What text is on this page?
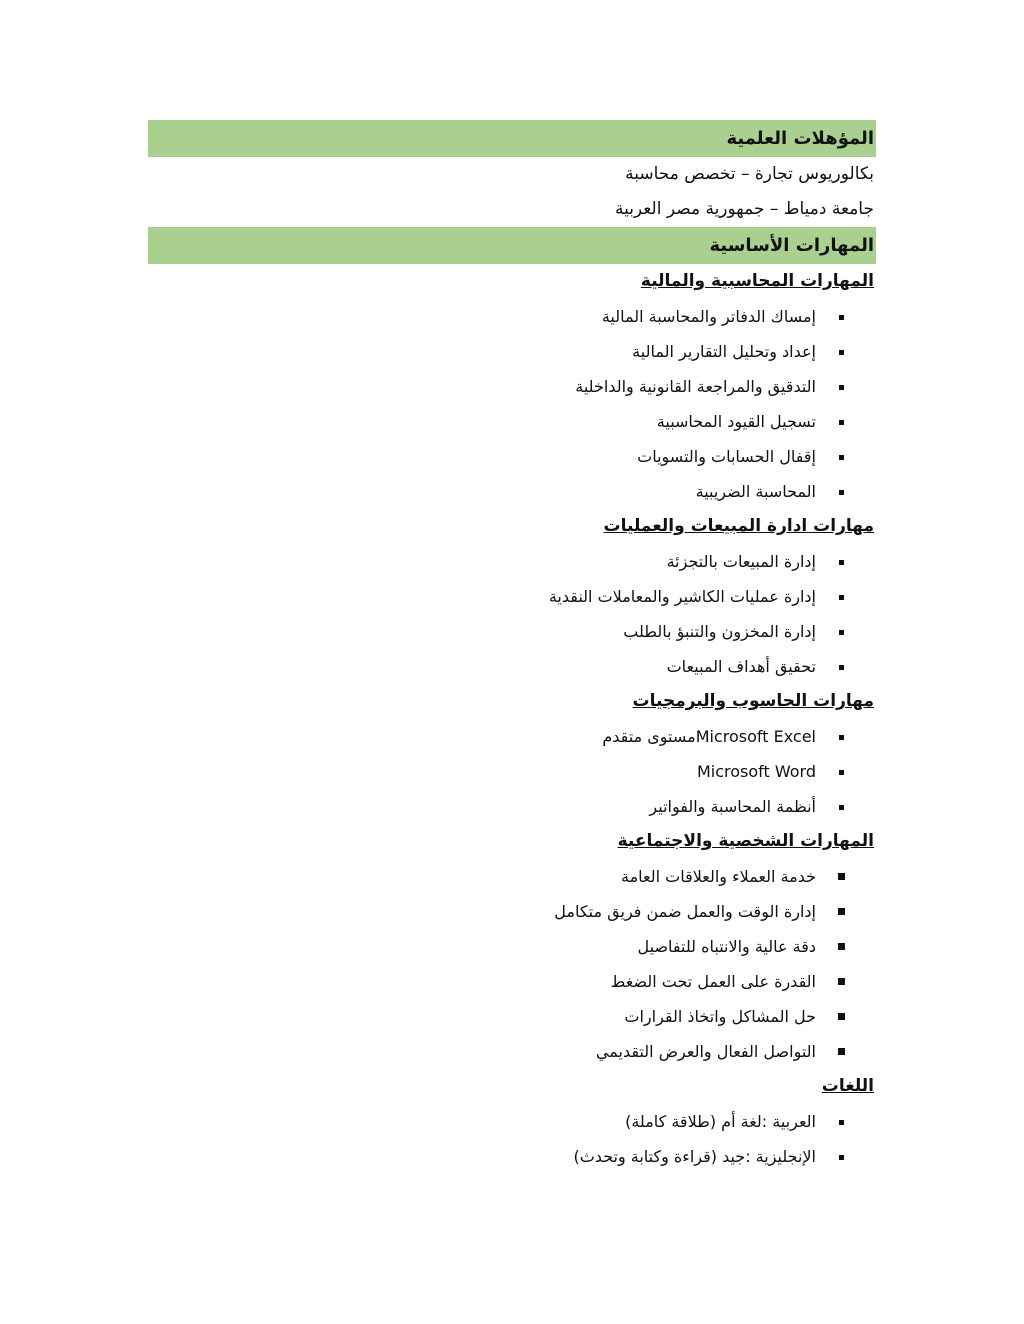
المؤهلات العلمية
بكالوريوس تجارة – تخصص محاسبة
جامعة دمياط – جمهورية مصر العربية
المهارات الأساسية
المهارات المحاسبية والمالية
إمساك الدفاتر والمحاسبة المالية
إعداد وتحليل التقارير المالية
التدقيق والمراجعة القانونية والداخلية
تسجيل القيود المحاسبية
إقفال الحسابات والتسويات
المحاسبة الضريبية
مهارات ادارة المبيعات والعمليات
إدارة المبيعات بالتجزئة
إدارة عمليات الكاشير والمعاملات النقدية
إدارة المخزون والتنبؤ بالطلب
تحقيق أهداف المبيعات
مهارات الحاسوب والبرمجيات
Microsoft Excelمستوى متقدم
Microsoft Word
أنظمة المحاسبة والفواتير
المهارات الشخصية والاجتماعية
خدمة العملاء والعلاقات العامة
إدارة الوقت والعمل ضمن فريق متكامل
دقة عالية والانتباه للتفاصيل
القدرة على العمل تحت الضغط
حل المشاكل واتخاذ القرارات
التواصل الفعال والعرض التقديمي
اللغات
العربية :لغة أم (طلاقة كاملة)
الإنجليزية :جيد (قراءة وكتابة وتحدث)
